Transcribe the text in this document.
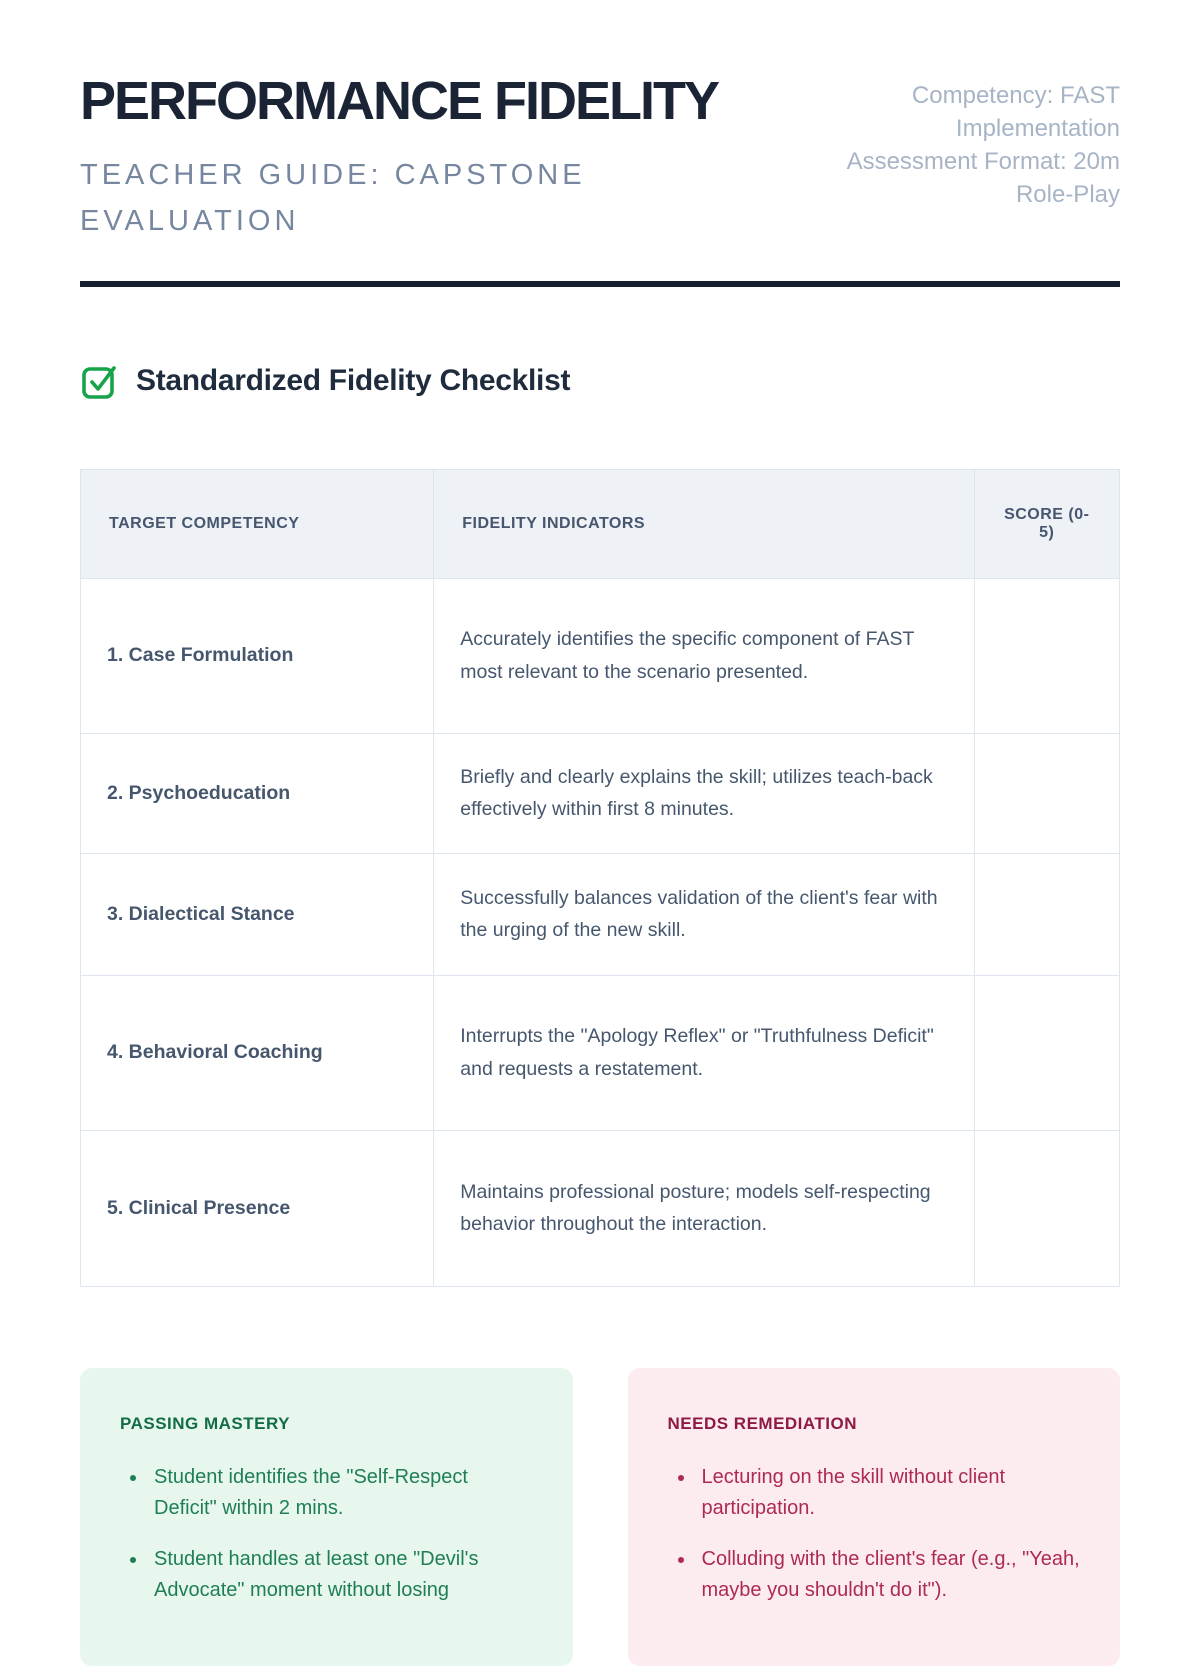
PERFORMANCE FIDELITY
TEACHER GUIDE: CAPSTONE EVALUATION
Competency: FAST Implementation
Assessment Format: 20m Role-Play
Standardized Fidelity Checklist
TARGET COMPETENCY	FIDELITY INDICATORS	SCORE (0-5)
1. Case Formulation	Accurately identifies the specific component of FAST most relevant to the scenario presented.	
2. Psychoeducation	Briefly and clearly explains the skill; utilizes teach-back effectively within first 8 minutes.	
3. Dialectical Stance	Successfully balances validation of the client's fear with the urging of the new skill.	
4. Behavioral Coaching	Interrupts the "Apology Reflex" or "Truthfulness Deficit" and requests a restatement.	
5. Clinical Presence	Maintains professional posture; models self-respecting behavior throughout the interaction.	
PASSING MASTERY
• Student identifies the "Self-Respect Deficit" within 2 mins.
• Student handles at least one "Devil's Advocate" moment without losing
NEEDS REMEDIATION
• Lecturing on the skill without client participation.
• Colluding with the client's fear (e.g., "Yeah, maybe you shouldn't do it").
